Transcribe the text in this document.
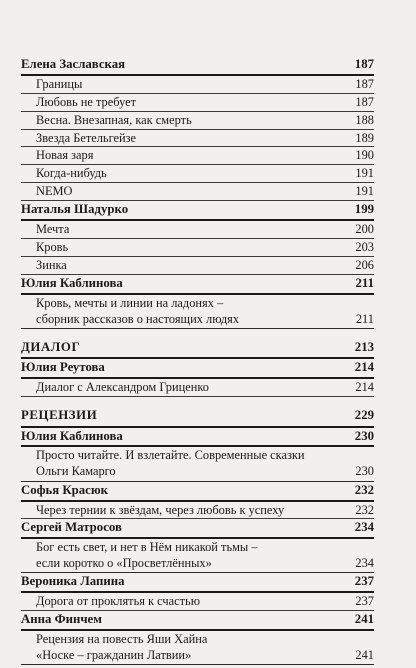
Елена Заславская	187
Границы	187
Любовь не требует	187
Весна. Внезапная, как смерть	188
Звезда Бетельгейзе	189
Новая заря	190
Когда-нибудь	191
NEMO	191
Наталья Шадурко	199
Мечта	200
Кровь	203
Зинка	206
Юлия Каблинова	211
Кровь, мечты и линии на ладонях –
сборник рассказов о настоящих людях	211
ДИАЛОГ	213
Юлия Реутова	214
Диалог с Александром Гриценко	214
РЕЦЕНЗИИ	229
Юлия Каблинова	230
Просто читайте. И взлетайте. Современные сказки
Ольги Камарго	230
Софья Красюк	232
Через тернии к звёздам, через любовь к успеху	232
Сергей Матросов	234
Бог есть свет, и нет в Нём никакой тьмы –
если коротко о «Просветлённых»	234
Вероника Лапина	237
Дорога от проклятья к счастью	237
Анна Финчем	241
Рецензия на повесть Яши Хайна
«Носке – гражданин Латвии»	241
